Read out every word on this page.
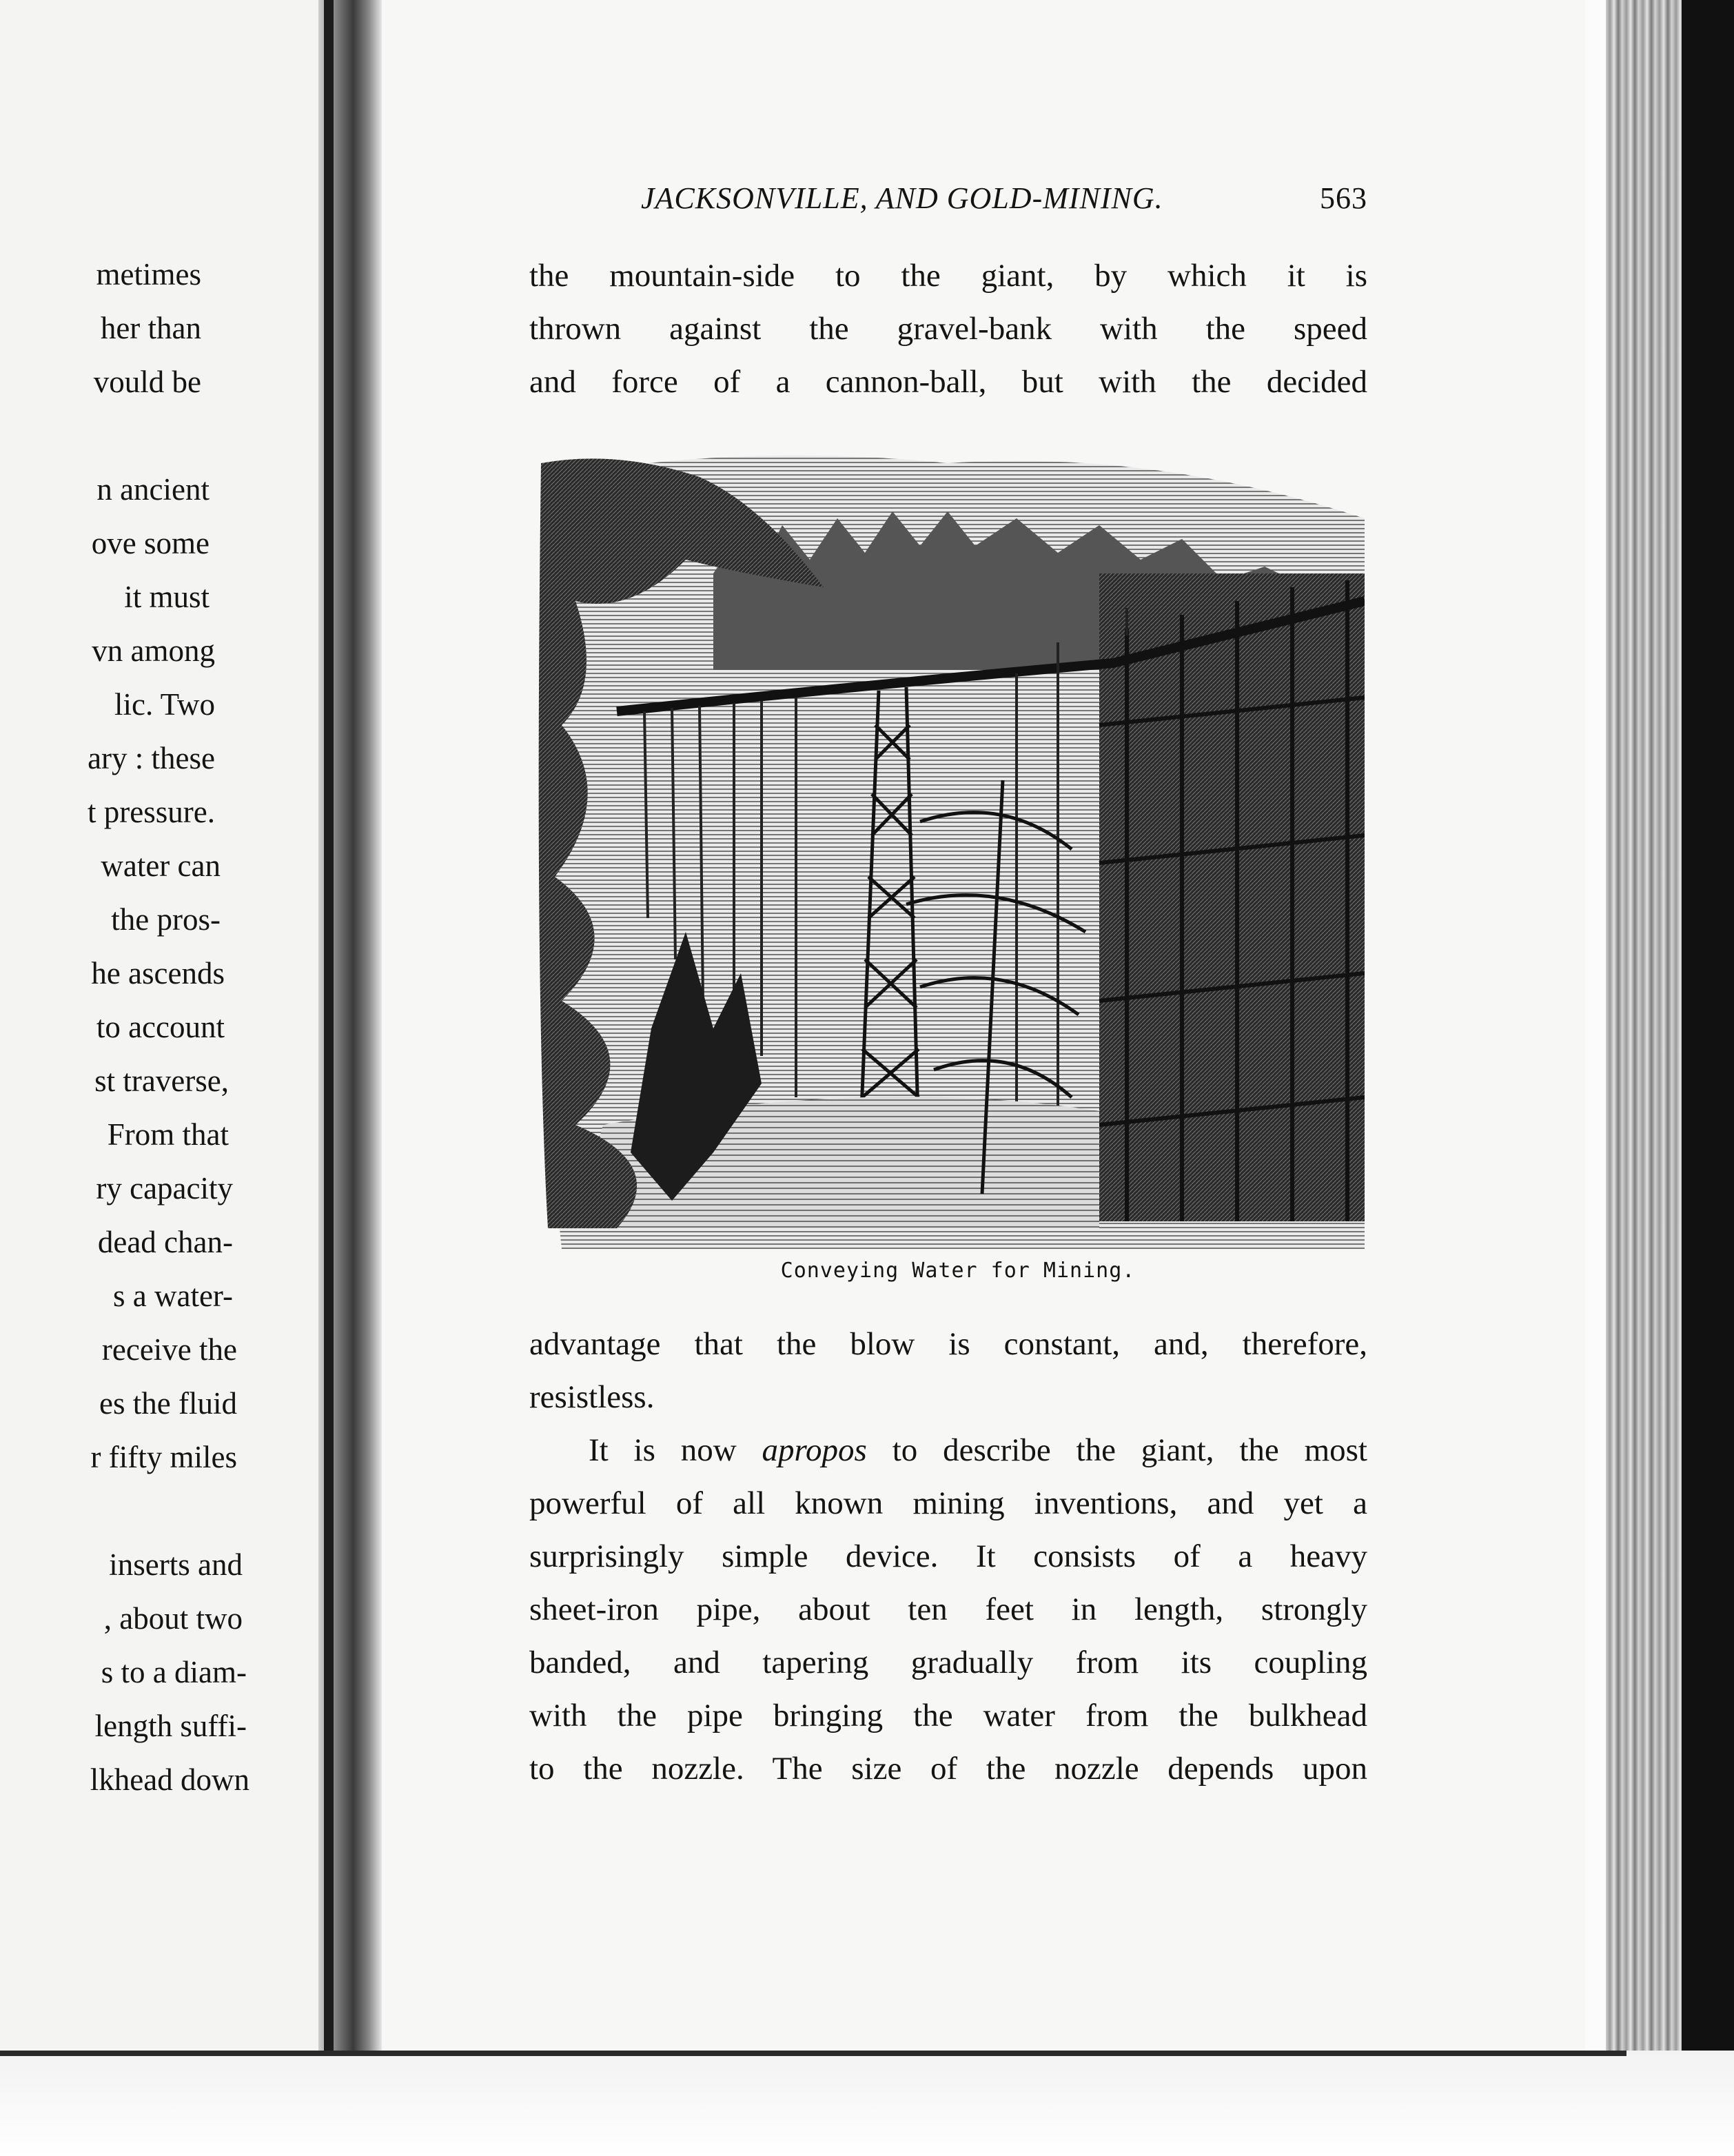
metimes
her than
vould be
n ancient
ove some
it must
vn among
lic. Two
ary : these
t pressure.
water can
the pros-
he ascends
to account
st traverse,
From that
ry capacity
dead chan-
s a water-
receive the
es the fluid
r fifty miles
inserts and
, about two
s to a diam-
length suffi-
lkhead down
JACKSONVILLE, AND GOLD-MINING.	563
the mountain-side to the giant, by which it is
thrown against the gravel-bank with the speed
and force of a cannon-ball, but with the decided
Conveying Water for Mining.
advantage that the blow is constant, and, therefore,
resistless.
It is now apropos to describe the giant, the most
powerful of all known mining inventions, and yet a
surprisingly simple device. It consists of a heavy
sheet-iron pipe, about ten feet in length, strongly
banded, and tapering gradually from its coupling
with the pipe bringing the water from the bulkhead
to the nozzle. The size of the nozzle depends upon
